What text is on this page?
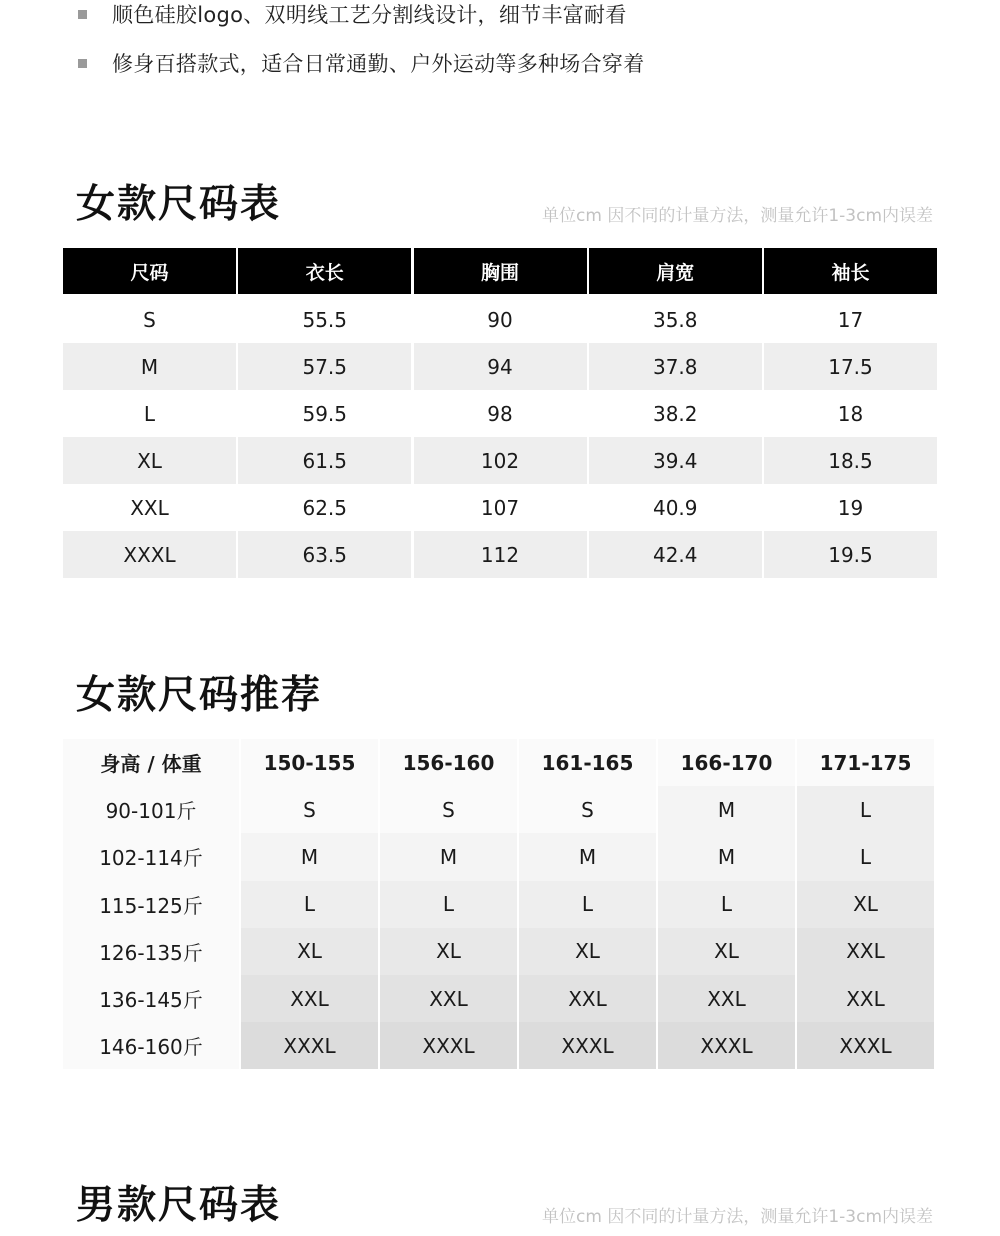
顺色硅胶logo、双明线工艺分割线设计，细节丰富耐看
修身百搭款式，适合日常通勤、户外运动等多种场合穿着
女款尺码表	单位cm 因不同的计量方法，测量允许1-3cm内误差
尺码	衣长	胸围	肩宽	袖长
S	55.5	90	35.8	17
M	57.5	94	37.8	17.5
L	59.5	98	38.2	18
XL	61.5	102	39.4	18.5
XXL	62.5	107	40.9	19
XXXL	63.5	112	42.4	19.5
女款尺码推荐
身高 / 体重	150-155	156-160	161-165	166-170	171-175
90-101斤	S	S	S	M	L
102-114斤	M	M	M	M	L
115-125斤	L	L	L	L	XL
126-135斤	XL	XL	XL	XL	XXL
136-145斤	XXL	XXL	XXL	XXL	XXL
146-160斤	XXXL	XXXL	XXXL	XXXL	XXXL
男款尺码表	单位cm 因不同的计量方法，测量允许1-3cm内误差
